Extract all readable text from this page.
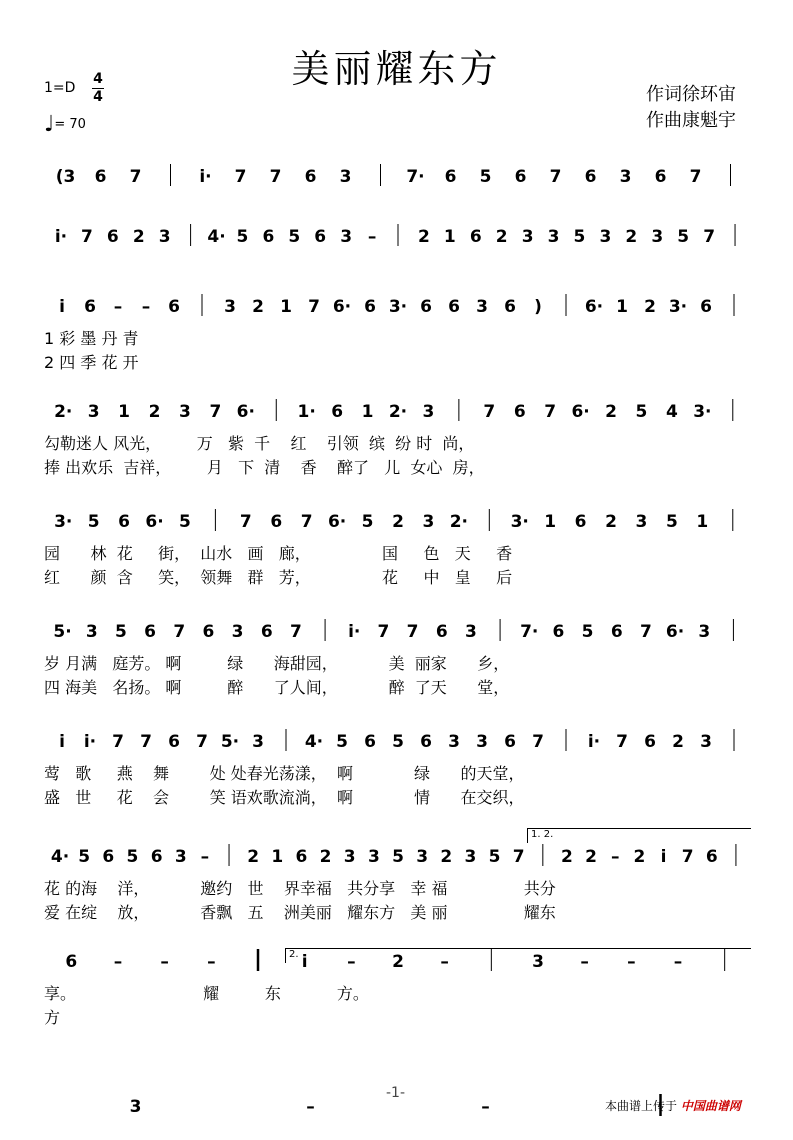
美丽耀东方
作词徐环宙
作曲康魁宇
1=D
4
4
♩= 70
(3 6 7	i· 7 7 6 3	7· 6 5 6 7 6 3 6 7
i· 7 6 2 3 4· 5 6 5 6 3 – 2 1 6 2 3 3 5 3 2 3 5 7
i 6 – – 6	3 2 1 7 6· 6 3· 6 6 3 6 )	6· 1 2 3· 6
1 彩 墨 丹 青
2 四 季 花 开
2· 3 1 2 3 7 6·	1· 6 1 2· 3	7 6 7 6· 2 5 4 3·
勾勒迷人 风光，       万   紫  千    红    引领  缤  纷 时  尚，
捧 出欢乐  吉祥，       月   下  清    香    醉了   儿  女心  房，
3· 5 6 6· 5	7 6 7 6· 5 2 3 2·	3· 1 6 2 3 5 1
园      林  花     街，  山水   画   廊，              国     色   天     香
红      颜  含     笑，  领舞   群   芳，              花     中   皇     后
5· 3 5 6 7 6 3 6 7	i· 7 7 6 3	7· 6 5 6 7 6· 3
岁 月满   庭芳。 啊         绿      海甜园，          美  丽家      乡，
四 海美   名扬。 啊         醉      了人间，          醉  了天      堂，
i i· 7 7 6 7 5· 3 4· 5 6 5 6 3 3 6 7	i· 7 6 2 3
莺   歌     燕    舞        处 处春光荡漾，  啊            绿      的天堂，
盛   世     花    会        笑 语欢歌流淌，  啊            情      在交织，
4· 5 6 5 6 3 – 2 1 6 2 3 3 5 3 2 3 5 7 2 2 – 2 i 7 6
花 的海    洋，          邀约   世    界幸福   共分享   幸 福               共分
爱 在绽    放，          香飘   五    洲美丽   耀东方   美 丽               耀东
6 – – –	i – 2 –	3 – – –
享。                         耀         东           方。
方
3	–	–
-1-
本曲谱上传于 中国曲谱网
1. 2.
2.
